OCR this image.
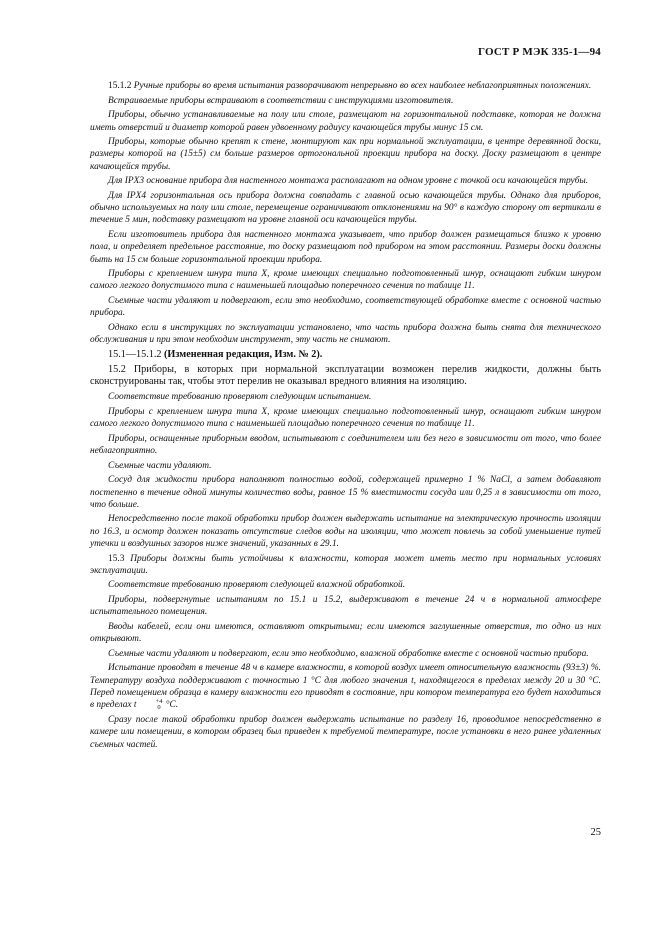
ГОСТ Р МЭК 335-1—94

15.1.2 Ручные приборы во время испытания разворачивают непрерывно во всех наиболее неблагоприятных положениях.

Встраиваемые приборы встраивают в соответствии с инструкциями изготовителя.

Приборы, обычно устанавливаемые на полу или столе, размещают на горизонтальной подставке, которая не должна иметь отверстий и диаметр которой равен удвоенному радиусу качающейся трубы минус 15 см.

Приборы, которые обычно крепят к стене, монтируют как при нормальной эксплуатации, в центре деревянной доски, размеры которой на (15±5) см больше размеров ортогональной проекции прибора на доску. Доску размещают в центре качающейся трубы.

Для IPX3 основание прибора для настенного монтажа располагают на одном уровне с точкой оси качающейся трубы.

Для IPX4 горизонтальная ось прибора должна совпадать с главной осью качающейся трубы. Однако для приборов, обычно используемых на полу или столе, перемещение ограничивают отклонениями на 90° в каждую сторону от вертикали в течение 5 мин, подставку размещают на уровне главной оси качающейся трубы.

Если изготовитель прибора для настенного монтажа указывает, что прибор должен размещаться близко к уровню пола, и определяет предельное расстояние, то доску размещают под прибором на этом расстоянии. Размеры доски должны быть на 15 см больше горизонтальной проекции прибора.

Приборы с креплением шнура типа X, кроме имеющих специально подготовленный шнур, оснащают гибким шнуром самого легкого допустимого типа с наименьшей площадью поперечного сечения по таблице 11.

Съемные части удаляют и подвергают, если это необходимо, соответствующей обработке вместе с основной частью прибора.

Однако если в инструкциях по эксплуатации установлено, что часть прибора должна быть снята для технического обслуживания и при этом необходим инструмент, эту часть не снимают.

15.1—15.1.2 (Измененная редакция, Изм. № 2).

15.2 Приборы, в которых при нормальной эксплуатации возможен перелив жидкости, должны быть сконструированы так, чтобы этот перелив не оказывал вредного влияния на изоляцию.

Соответствие требованию проверяют следующим испытанием.

Приборы с креплением шнура типа X, кроме имеющих специально подготовленный шнур, оснащают гибким шнуром самого легкого допустимого типа с наименьшей площадью поперечного сечения по таблице 11.

Приборы, оснащенные приборным вводом, испытывают с соединителем или без него в зависимости от того, что более неблагоприятно.

Съемные части удаляют.

Сосуд для жидкости прибора наполняют полностью водой, содержащей примерно 1 % NaCl, а затем добавляют постепенно в течение одной минуты количество воды, равное 15 % вместимости сосуда или 0,25 л в зависимости от того, что больше.

Непосредственно после такой обработки прибор должен выдержать испытание на электрическую прочность изоляции по 16.3, и осмотр должен показать отсутствие следов воды на изоляции, что может повлечь за собой уменьшение путей утечки и воздушных зазоров ниже значений, указанных в 29.1.

15.3 Приборы должны быть устойчивы к влажности, которая может иметь место при нормальных условиях эксплуатации.

Соответствие требованию проверяют следующей влажной обработкой.

Приборы, подвергнутые испытаниям по 15.1 и 15.2, выдерживают в течение 24 ч в нормальной атмосфере испытательного помещения.

Вводы кабелей, если они имеются, оставляют открытыми; если имеются заглушенные отверстия, то одно из них открывают.

Съемные части удаляют и подвергают, если это необходимо, влажной обработке вместе с основной частью прибора.

Испытание проводят в течение 48 ч в камере влажности, в которой воздух имеет относительную влажность (93±3) %. Температуру воздуха поддерживают с точностью 1 °С для любого значения t, находящегося в пределах между 20 и 30 °С. Перед помещением образца в камеру влажности его приводят в состояние, при котором температура его будет находиться в пределах t	+4
0 °С.

Сразу после такой обработки прибор должен выдержать испытание по разделу 16, проводимое непосредственно в камере или помещении, в котором образец был приведен к требуемой температуре, после установки в него ранее удаленных съемных частей.

25
